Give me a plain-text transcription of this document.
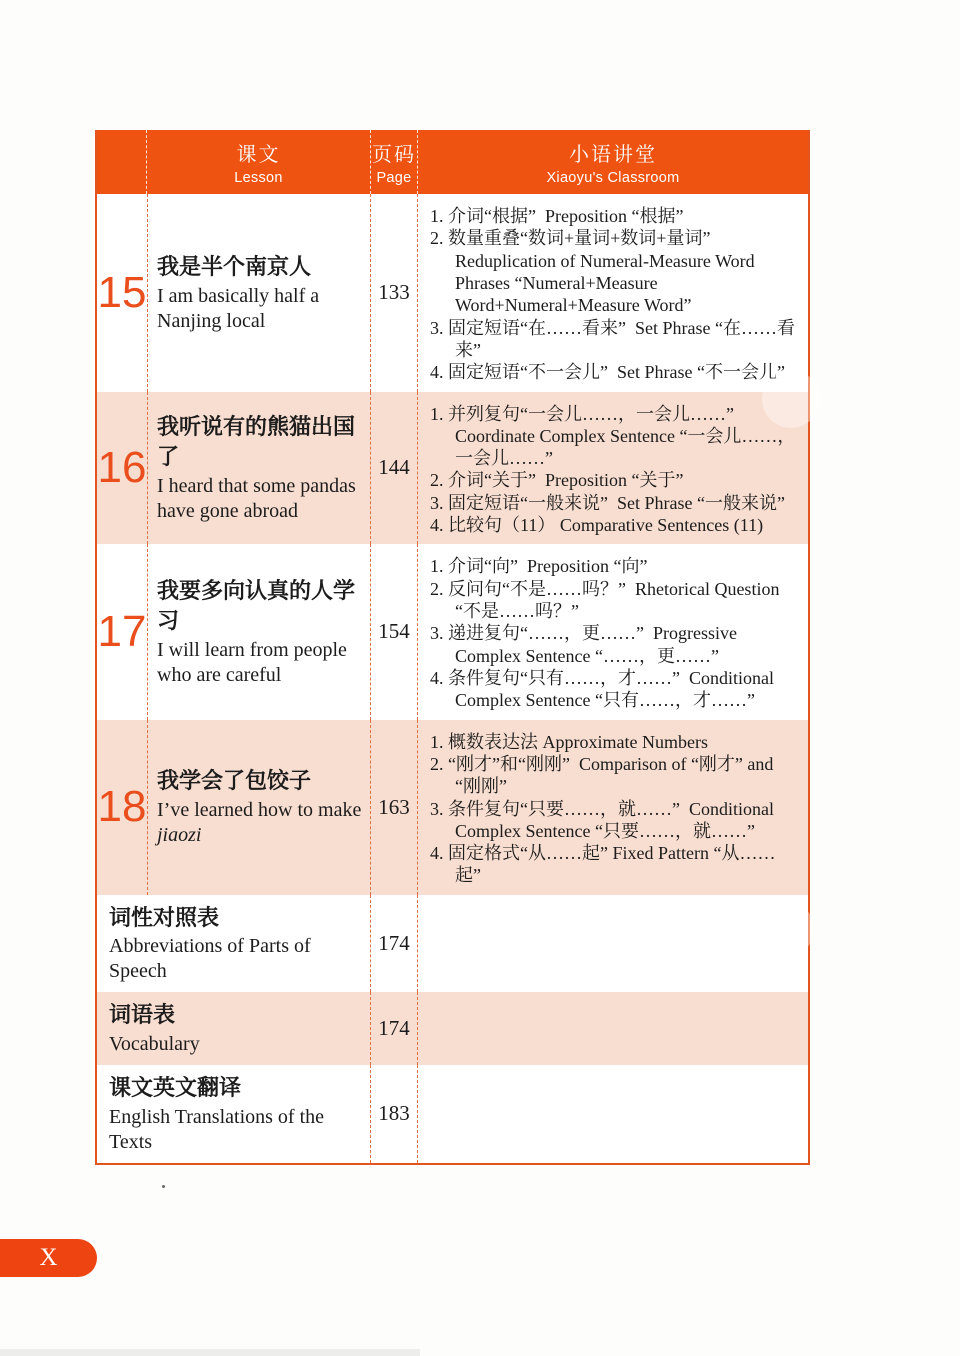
课文
Lesson
页码
Page
小语讲堂
Xiaoyu's Classroom
15
我是半个南京人
I am basically half a Nanjing local
133
1. 介词“根据”  Preposition “根据”
2. 数量重叠“数词+量词+数词+量词” Reduplication of Numeral-Measure Word Phrases “Numeral+Measure Word+Numeral+Measure Word”
3. 固定短语“在……看来”  Set Phrase “在……看来”
4. 固定短语“不一会儿”  Set Phrase “不一会儿”
16
我听说有的熊猫出国了
I heard that some pandas have gone abroad
144
1. 并列复句“一会儿……，一会儿……” Coordinate Complex Sentence “一会儿……，一会儿……”
2. 介词“关于”  Preposition “关于”
3. 固定短语“一般来说”  Set Phrase “一般来说”
4. 比较句（11） Comparative Sentences (11)
17
我要多向认真的人学习
I will learn from people who are careful
154
1. 介词“向”  Preposition “向”
2. 反问句“不是……吗？”  Rhetorical Question “不是……吗？”
3. 递进复句“……，更……”  Progressive Complex Sentence “……，更……”
4. 条件复句“只有……，才……”  Conditional Complex Sentence “只有……，才……”
18
我学会了包饺子
I’ve learned how to make jiaozi
163
1. 概数表达法 Approximate Numbers
2. “刚才”和“刚刚”  Comparison of “刚才” and “刚刚”
3. 条件复句“只要……，就……”  Conditional Complex Sentence “只要……，就……”
4. 固定格式“从……起” Fixed Pattern “从……起”
词性对照表
Abbreviations of Parts of Speech
174
词语表
Vocabulary
174
课文英文翻译
English Translations of the Texts
183
X
